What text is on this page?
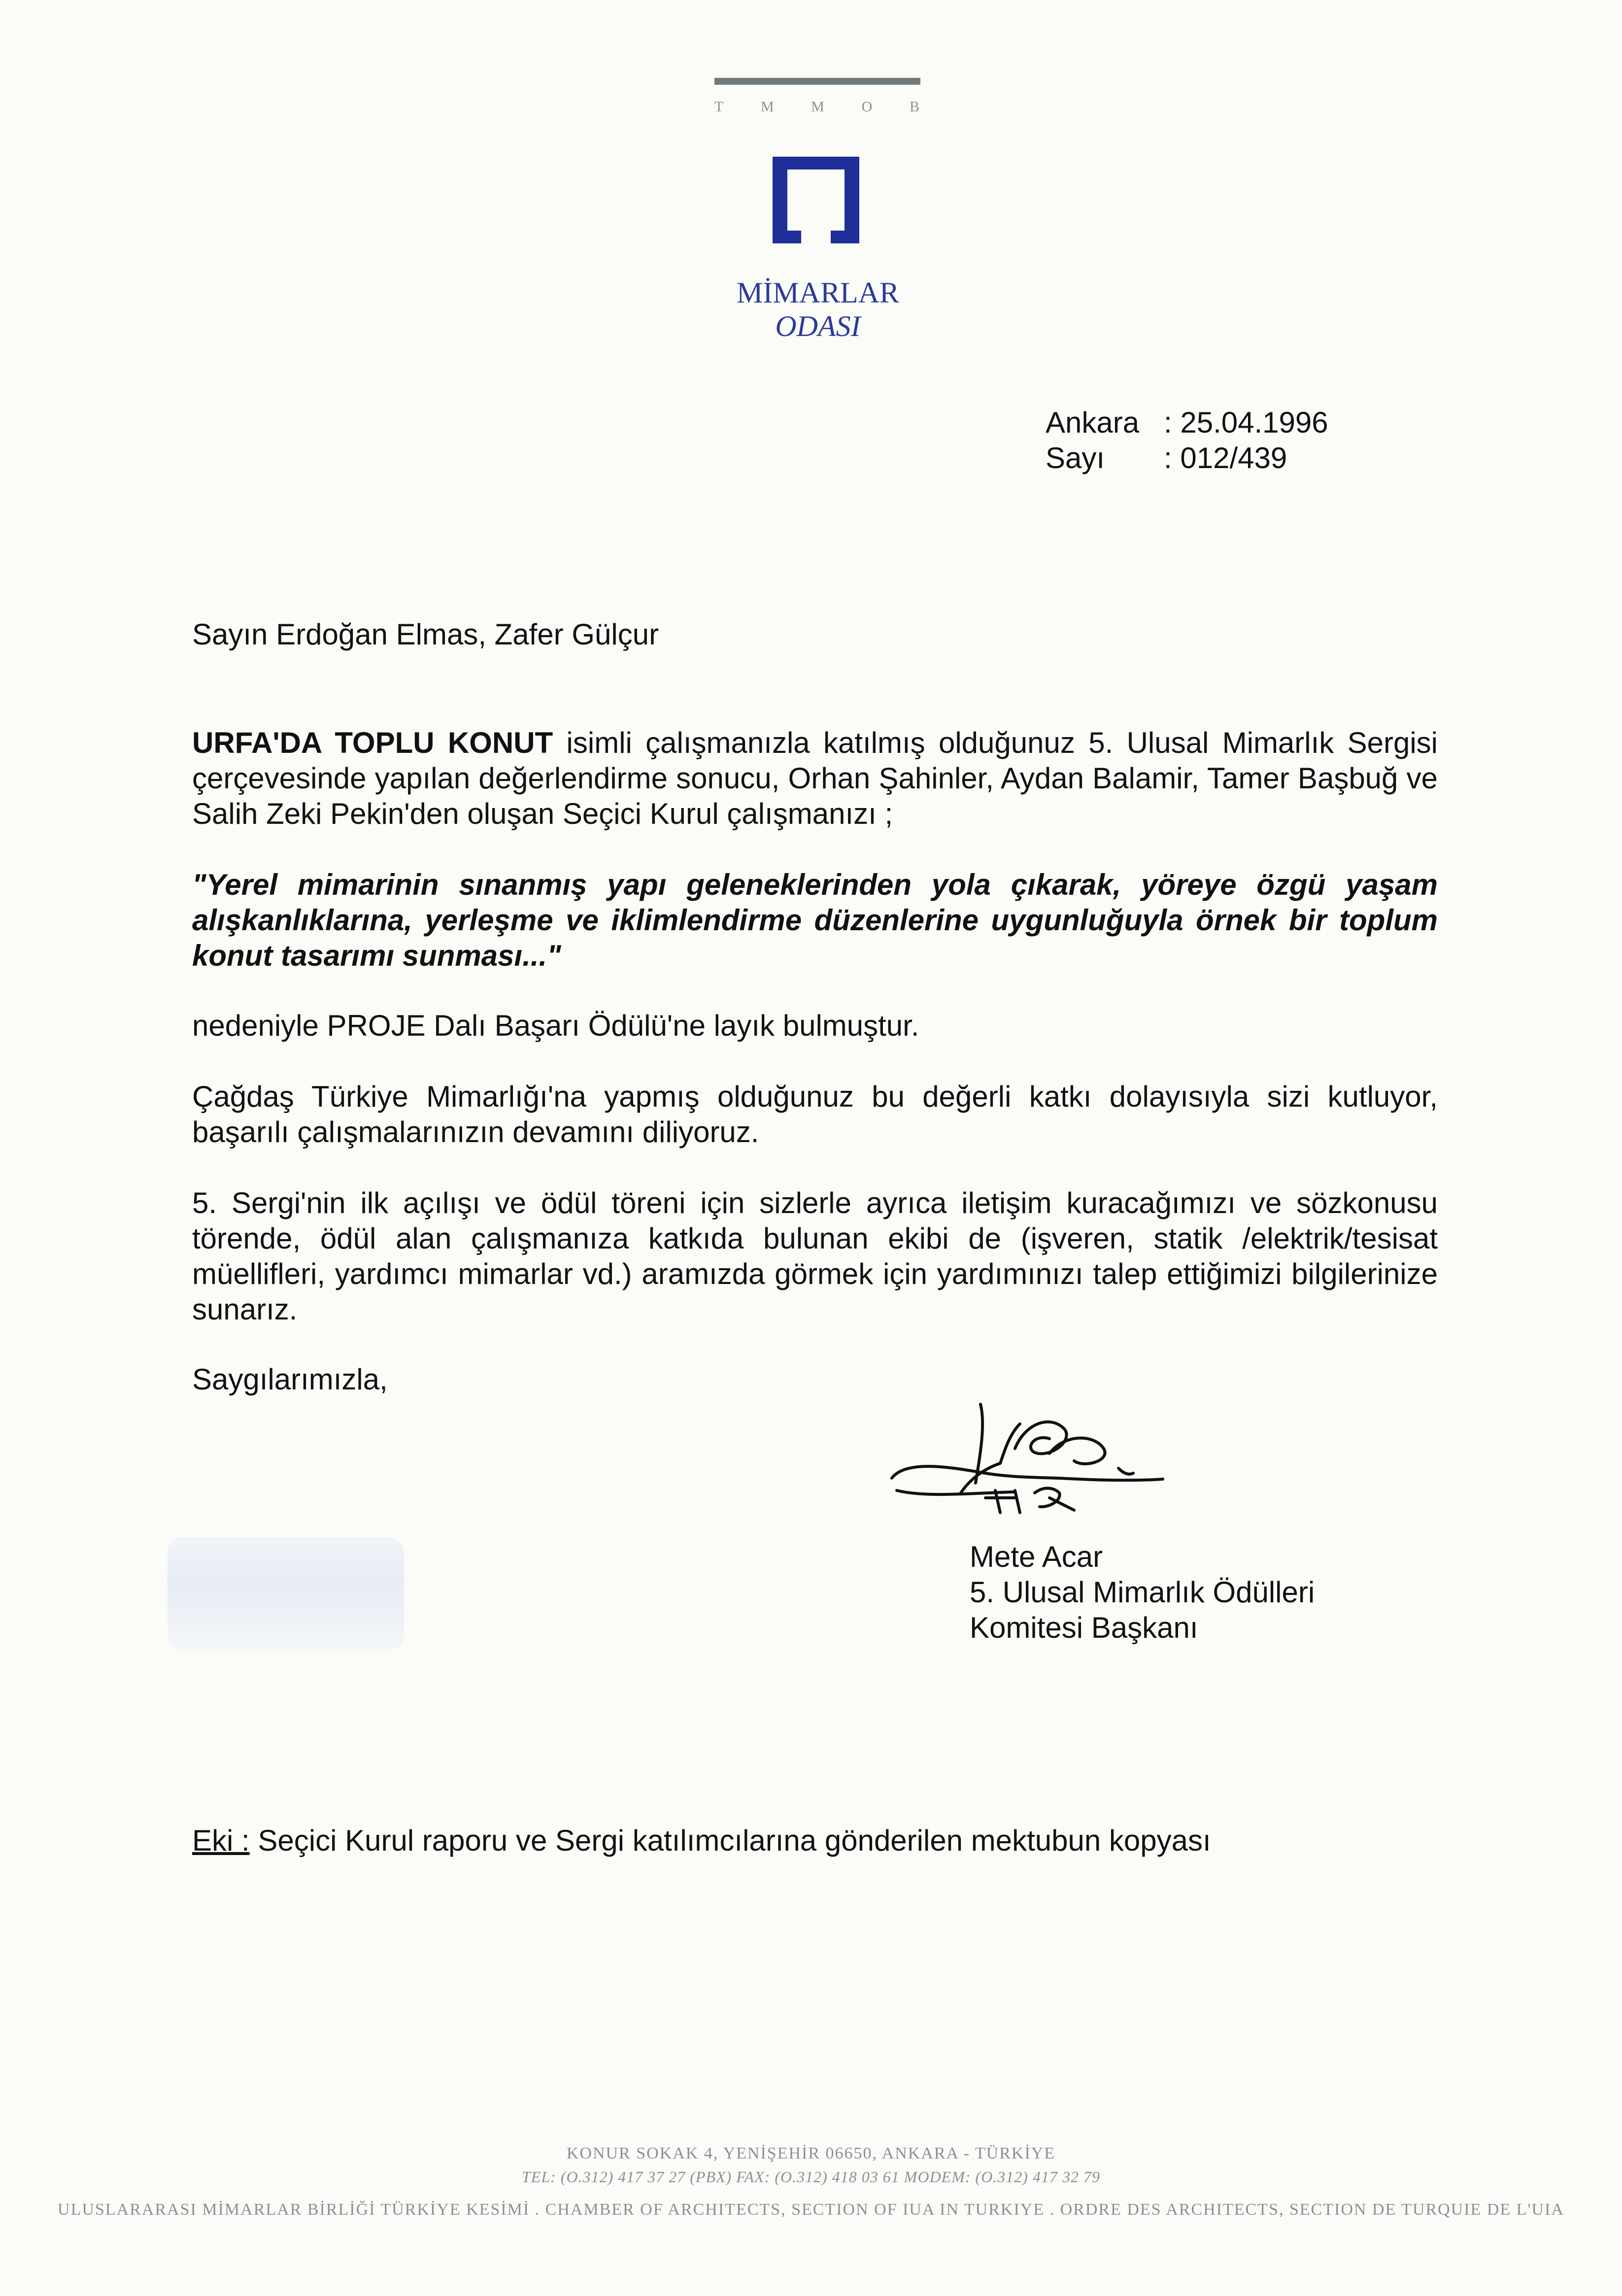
T M M O B
MİMARLAR
ODASI
Ankara : 25.04.1996
Sayı	: 012/439
Sayın Erdoğan Elmas, Zafer Gülçur
URFA'DA TOPLU KONUT isimli çalışmanızla katılmış olduğunuz 5. Ulusal Mimarlık Sergisi çerçevesinde yapılan değerlendirme sonucu, Orhan Şahinler, Aydan Balamir, Tamer Başbuğ ve Salih Zeki Pekin'den oluşan Seçici Kurul çalışmanızı ;
"Yerel mimarinin sınanmış yapı geleneklerinden yola çıkarak, yöreye özgü yaşam alışkanlıklarına, yerleşme ve iklimlendirme düzenlerine uygunluğuyla örnek bir toplum konut tasarımı sunması..."
nedeniyle PROJE Dalı Başarı Ödülü'ne layık bulmuştur.
Çağdaş Türkiye Mimarlığı'na yapmış olduğunuz bu değerli katkı dolayısıyla sizi kutluyor, başarılı çalışmalarınızın devamını diliyoruz.
5. Sergi'nin ilk açılışı ve ödül töreni için sizlerle ayrıca iletişim kuracağımızı ve sözkonusu törende, ödül alan çalışmanıza katkıda bulunan ekibi de (işveren, statik /elektrik/tesisat müellifleri, yardımcı mimarlar vd.) aramızda görmek için yardımınızı talep ettiğimizi bilgilerinize sunarız.
Saygılarımızla,
Mete Acar
5. Ulusal Mimarlık Ödülleri
Komitesi Başkanı
Eki : Seçici Kurul raporu ve Sergi katılımcılarına gönderilen mektubun kopyası
KONUR SOKAK 4, YENİŞEHİR 06650, ANKARA - TÜRKİYE
TEL: (O.312) 417 37 27 (PBX) FAX: (O.312) 418 03 61 MODEM: (O.312) 417 32 79
ULUSLARARASI MİMARLAR BİRLİĞİ TÜRKİYE KESİMİ . CHAMBER OF ARCHITECTS, SECTION OF IUA IN TURKIYE . ORDRE DES ARCHITECTS, SECTION DE TURQUIE DE L'UIA
